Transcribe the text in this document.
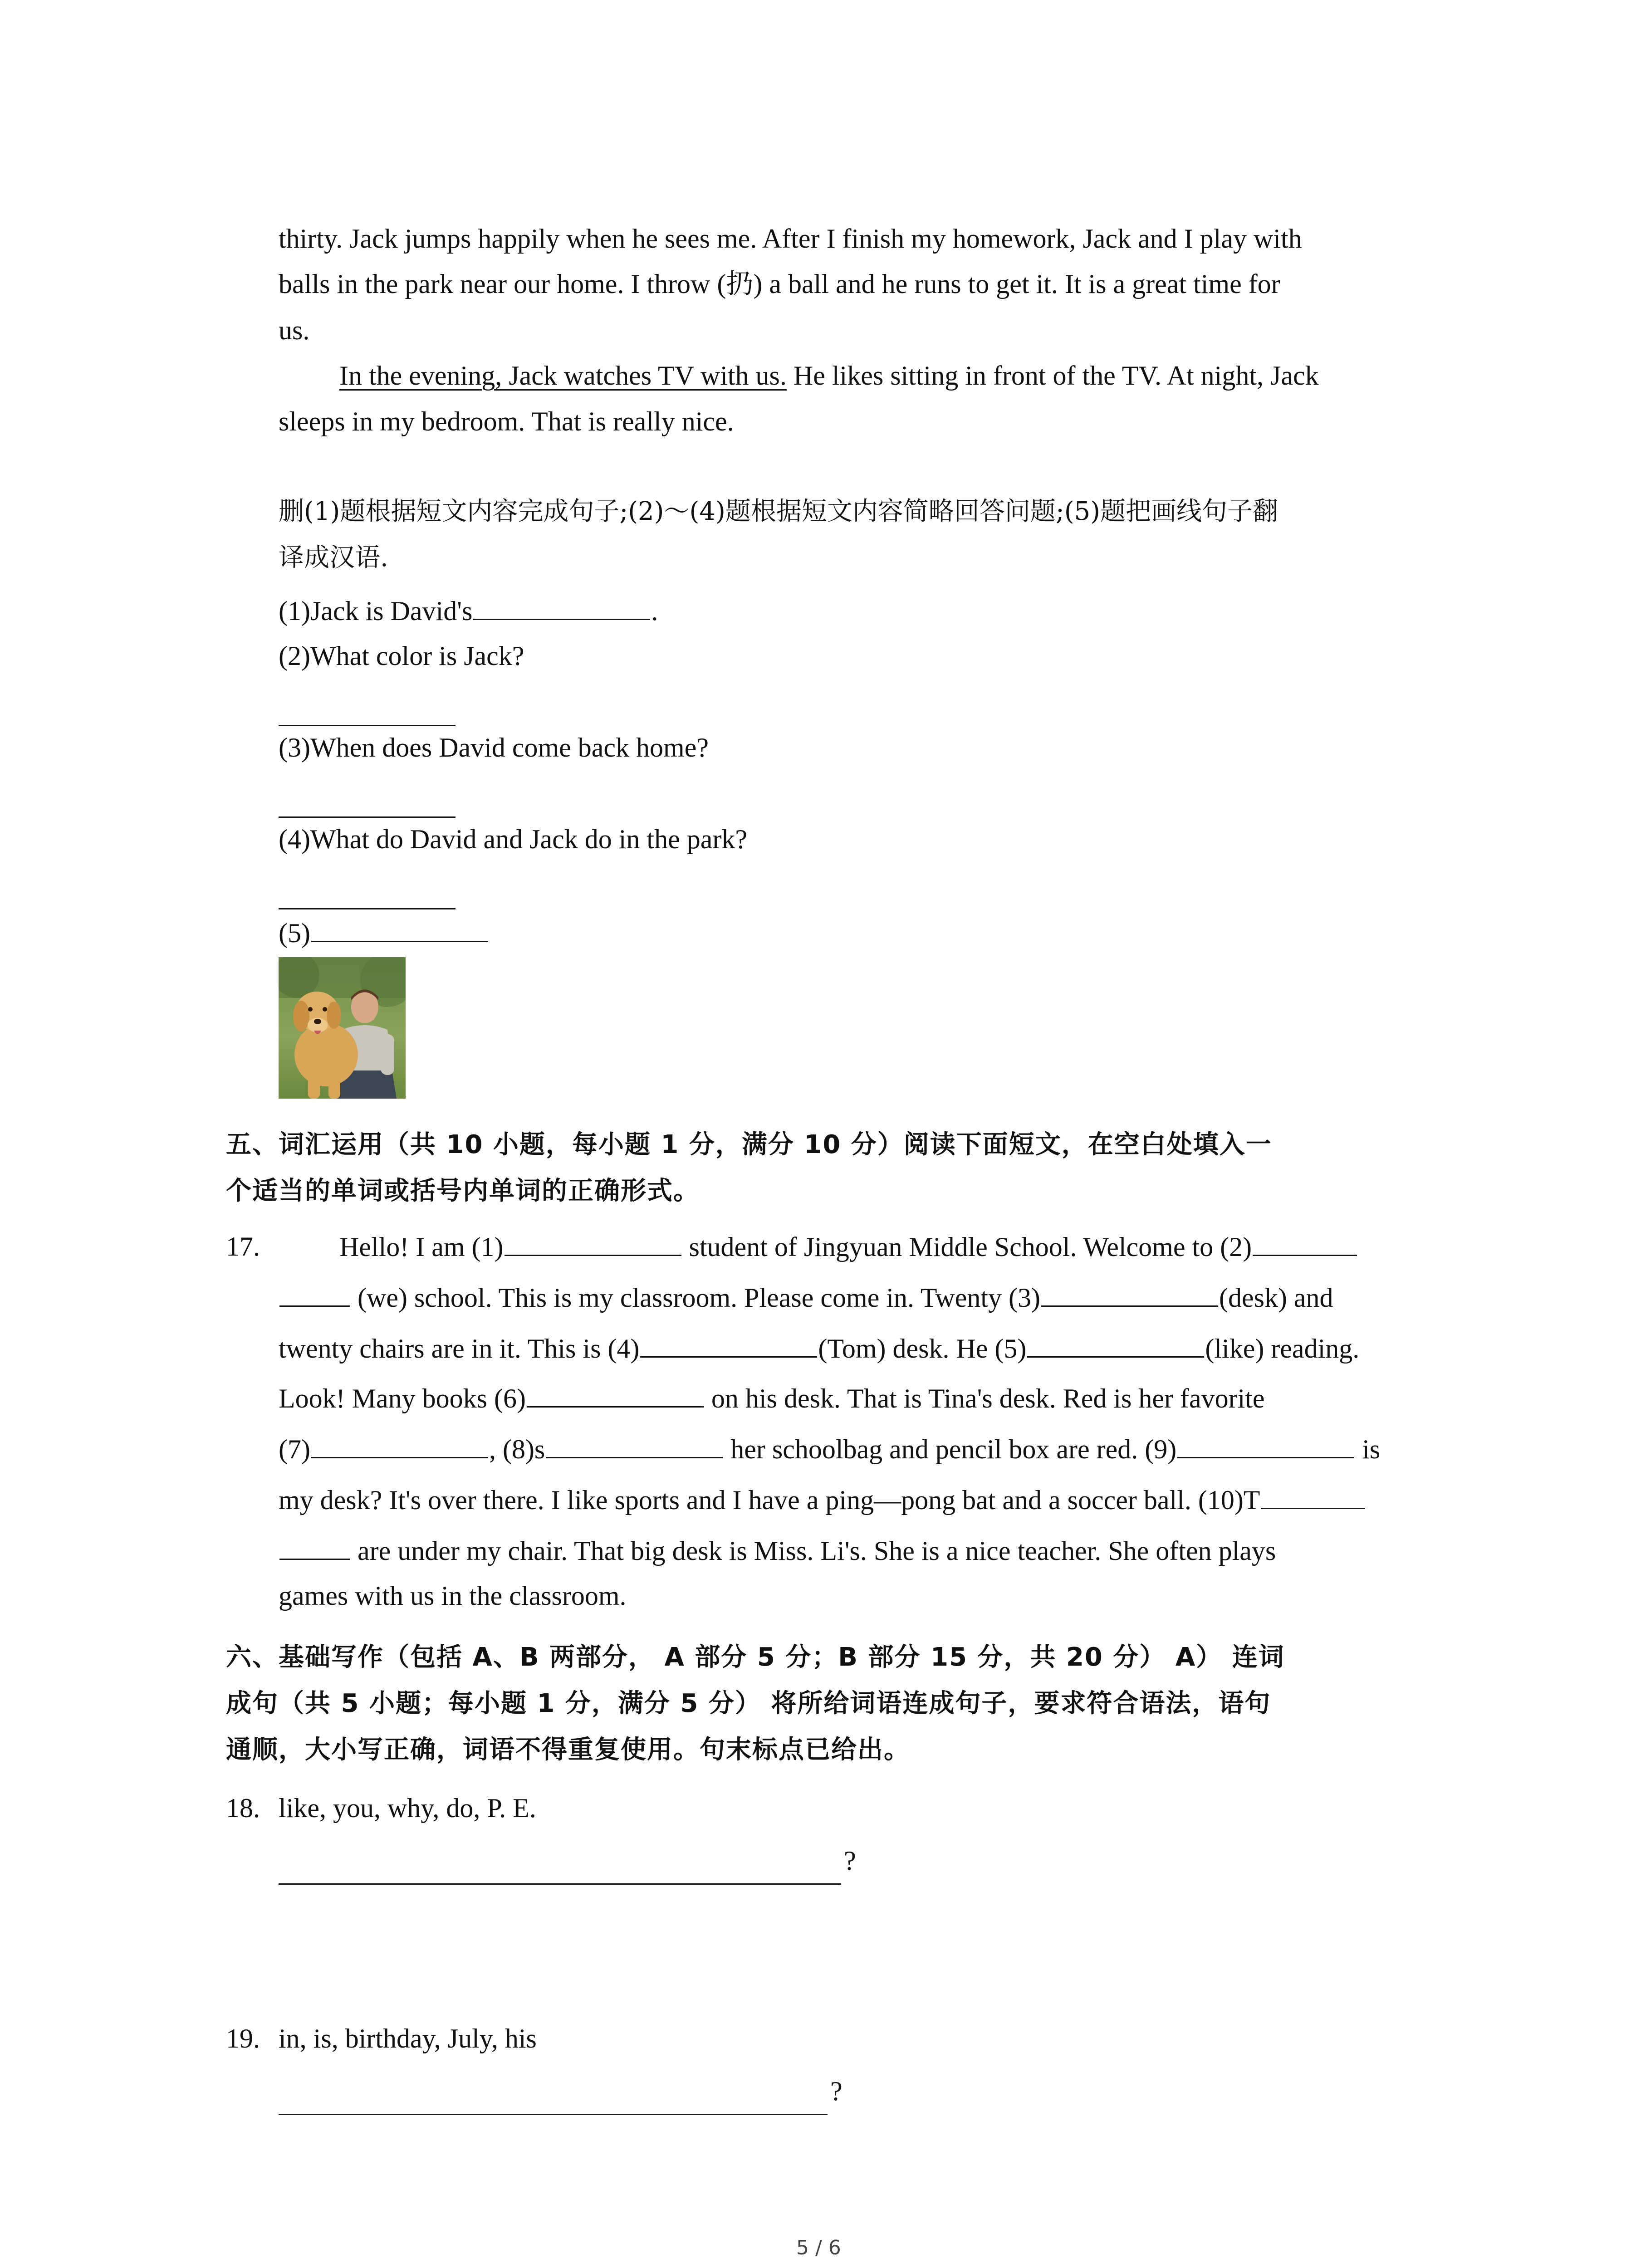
thirty. Jack jumps happily when he sees me. After I finish my homework, Jack and I play with
balls in the park near our home. I throw (扔) a ball and he runs to get it. It is a great time for
us.
In the evening, Jack watches TV with us. He likes sitting in front of the TV. At night, Jack
sleeps in my bedroom. That is really nice.
删(1)题根据短文内容完成句子;(2)～(4)题根据短文内容简略回答问题;(5)题把画线句子翻
译成汉语.
(1)Jack is David's	.
(2)What color is Jack?
(3)When does David come back home?
(4)What do David and Jack do in the park?
(5)
五、词汇运用（共 10 小题，每小题 1 分，满分 10 分）阅读下面短文，在空白处填入一
个适当的单词或括号内单词的正确形式。
17.	Hello! I am (1)	student of Jingyuan Middle School. Welcome to (2)
(we) school. This is my classroom. Please come in. Twenty (3)	(desk) and
twenty chairs are in it. This is (4)	(Tom) desk. He (5)	(like) reading.
Look! Many books (6)	on his desk. That is Tina's desk. Red is her favorite
(7)	, (8)s	her schoolbag and pencil box are red. (9)	is
my desk? It's over there. I like sports and I have a ping—pong bat and a soccer ball. (10)T
are under my chair. That big desk is Miss. Li's. She is a nice teacher. She often plays
games with us in the classroom.
六、基础写作（包括 A、B 两部分， A 部分 5 分；B 部分 15 分，共 20 分） A） 连词
成句（共 5 小题；每小题 1 分，满分 5 分） 将所给词语连成句子，要求符合语法，语句
通顺，大小写正确，词语不得重复使用。句末标点已给出。
18. like, you, why, do, P. E.
?
19. in, is, birthday, July, his
?
5 / 6
